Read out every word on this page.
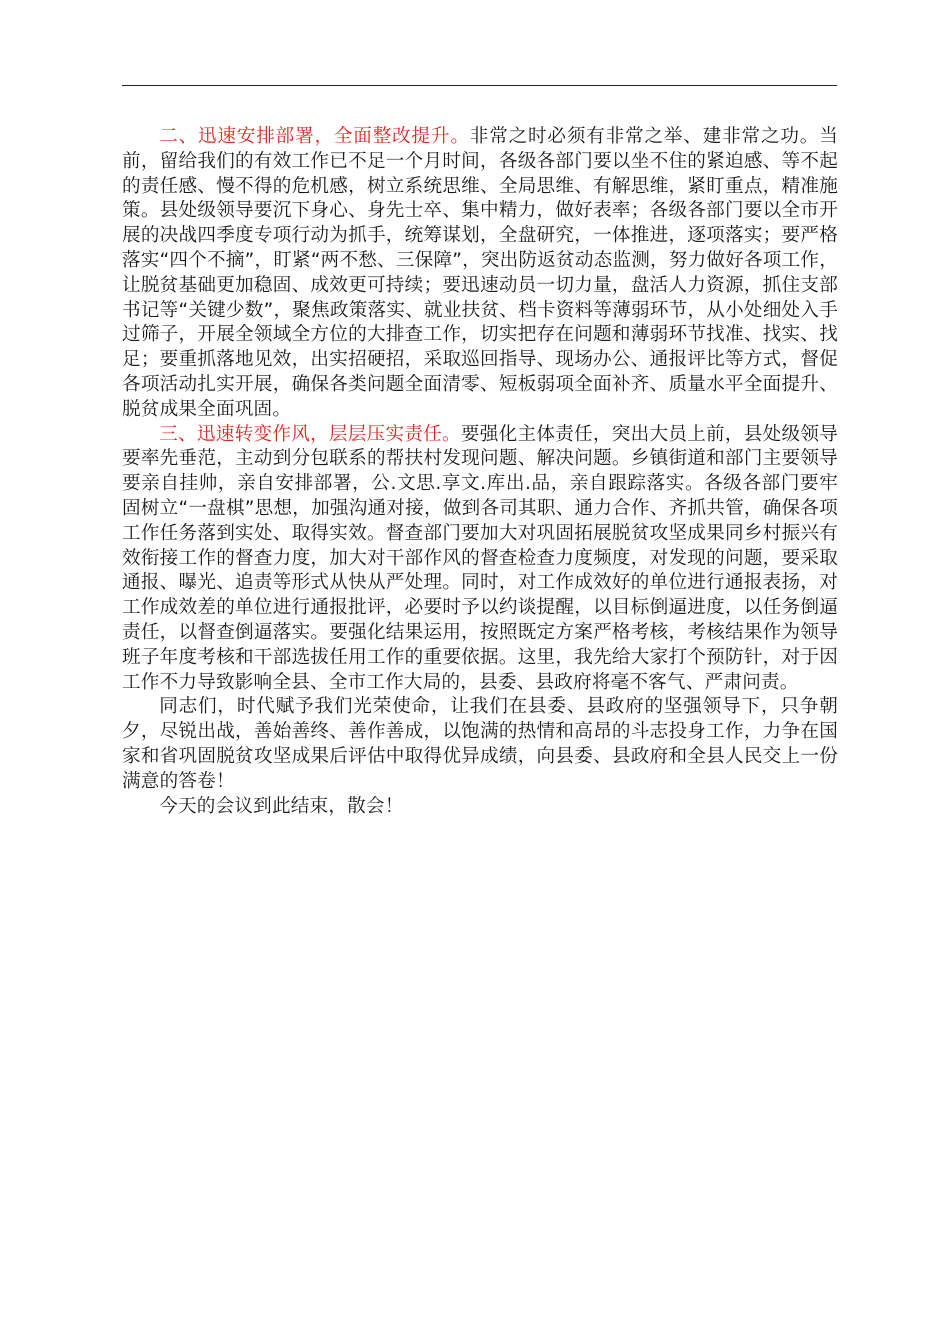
二、迅速安排部署，全面整改提升。非常之时必须有非常之举、建非常之功。当前，留给我们的有效工作已不足一个月时间，各级各部门要以坐不住的紧迫感、等不起的责任感、慢不得的危机感，树立系统思维、全局思维、有解思维，紧盯重点，精准施策。县处级领导要沉下身心、身先士卒、集中精力，做好表率；各级各部门要以全市开展的决战四季度专项行动为抓手，统筹谋划，全盘研究，一体推进，逐项落实；要严格落实“四个不摘”，盯紧“两不愁、三保障”，突出防返贫动态监测，努力做好各项工作，让脱贫基础更加稳固、成效更可持续；要迅速动员一切力量，盘活人力资源，抓住支部书记等“关键少数”，聚焦政策落实、就业扶贫、档卡资料等薄弱环节，从小处细处入手过筛子，开展全领域全方位的大排查工作，切实把存在问题和薄弱环节找准、找实、找足；要重抓落地见效，出实招硬招，采取巡回指导、现场办公、通报评比等方式，督促各项活动扎实开展，确保各类问题全面清零、短板弱项全面补齐、质量水平全面提升、脱贫成果全面巩固。

三、迅速转变作风，层层压实责任。要强化主体责任，突出大员上前，县处级领导要率先垂范，主动到分包联系的帮扶村发现问题、解决问题。乡镇街道和部门主要领导要亲自挂帅，亲自安排部署，公.文思.享文.库出.品，亲自跟踪落实。各级各部门要牢固树立“一盘棋”思想，加强沟通对接，做到各司其职、通力合作、齐抓共管，确保各项工作任务落到实处、取得实效。督查部门要加大对巩固拓展脱贫攻坚成果同乡村振兴有效衔接工作的督查力度，加大对干部作风的督查检查力度频度，对发现的问题，要采取通报、曝光、追责等形式从快从严处理。同时，对工作成效好的单位进行通报表扬，对工作成效差的单位进行通报批评，必要时予以约谈提醒，以目标倒逼进度，以任务倒逼责任，以督查倒逼落实。要强化结果运用，按照既定方案严格考核，考核结果作为领导班子年度考核和干部选拔任用工作的重要依据。这里，我先给大家打个预防针，对于因工作不力导致影响全县、全市工作大局的，县委、县政府将毫不客气、严肃问责。

同志们，时代赋予我们光荣使命，让我们在县委、县政府的坚强领导下，只争朝夕，尽锐出战，善始善终、善作善成，以饱满的热情和高昂的斗志投身工作，力争在国家和省巩固脱贫攻坚成果后评估中取得优异成绩，向县委、县政府和全县人民交上一份满意的答卷！

今天的会议到此结束，散会！
